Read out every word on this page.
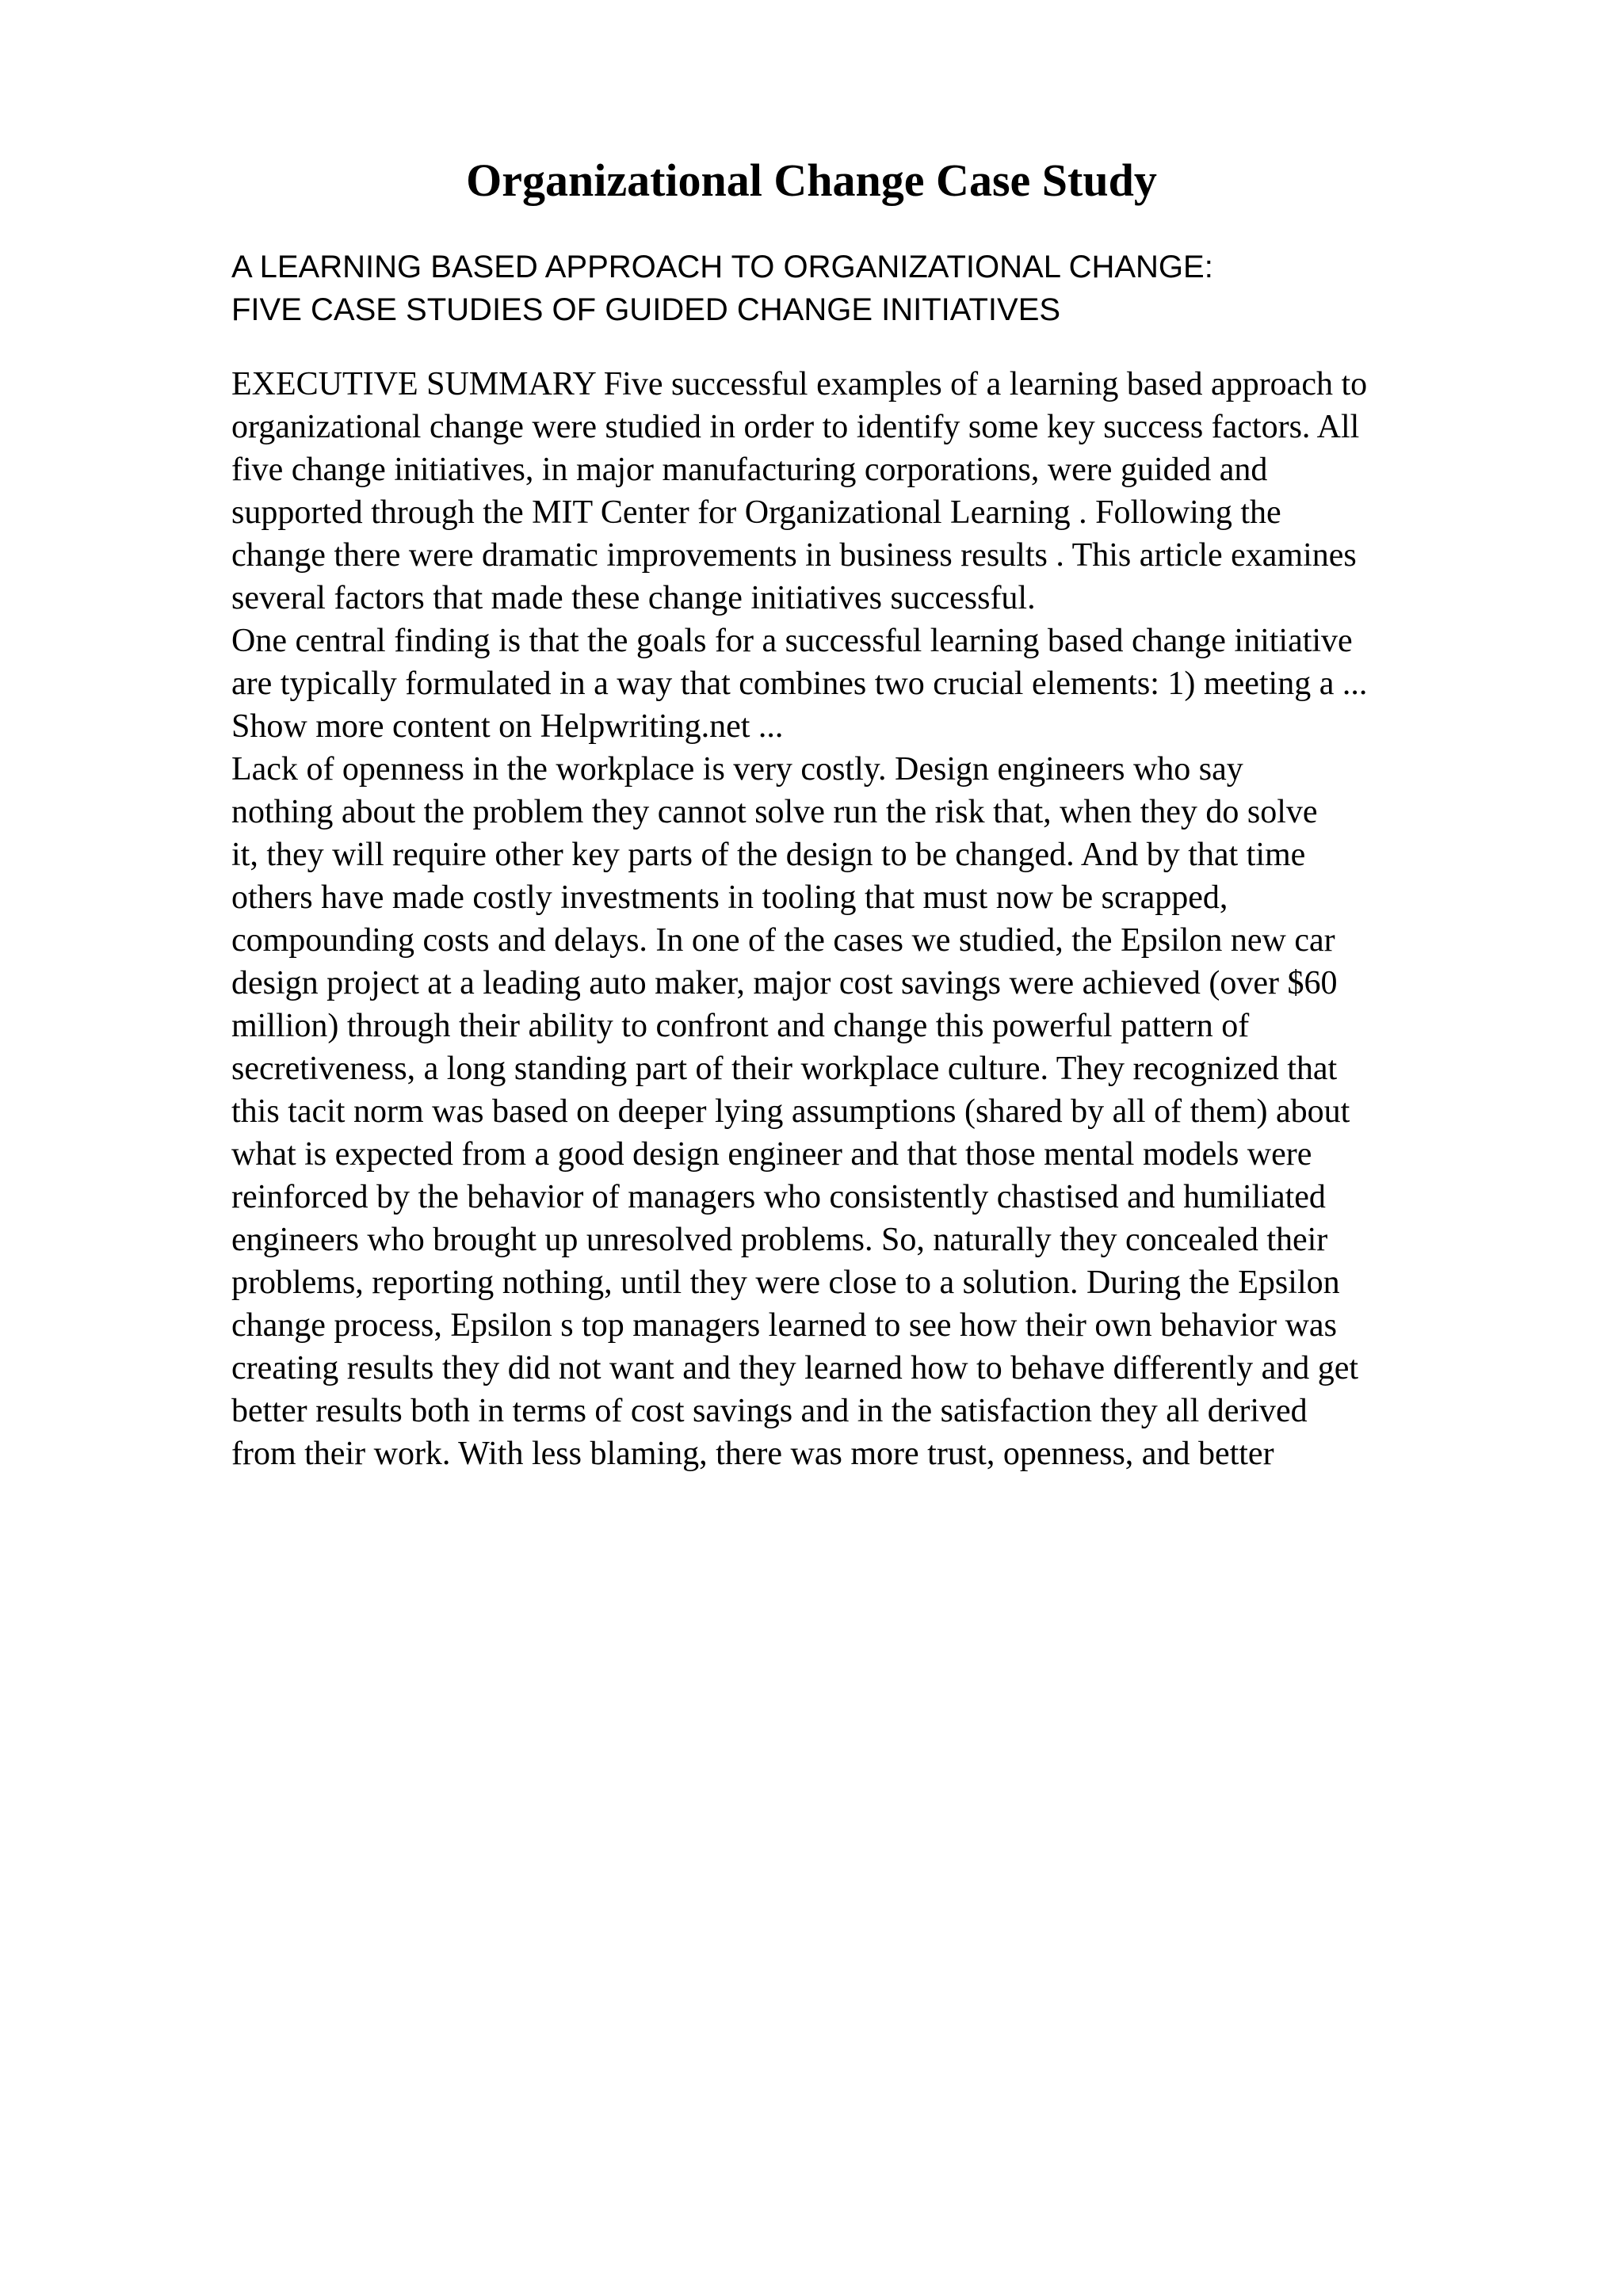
Organizational Change Case Study
A LEARNING BASED APPROACH TO ORGANIZATIONAL CHANGE:
FIVE CASE STUDIES OF GUIDED CHANGE INITIATIVES
EXECUTIVE SUMMARY Five successful examples of a learning based approach to
organizational change were studied in order to identify some key success factors. All
five change initiatives, in major manufacturing corporations, were guided and
supported through the MIT Center for Organizational Learning . Following the
change there were dramatic improvements in business results . This article examines
several factors that made these change initiatives successful.
One central finding is that the goals for a successful learning based change initiative
are typically formulated in a way that combines two crucial elements: 1) meeting a ...
Show more content on Helpwriting.net ...
Lack of openness in the workplace is very costly. Design engineers who say
nothing about the problem they cannot solve run the risk that, when they do solve
it, they will require other key parts of the design to be changed. And by that time
others have made costly investments in tooling that must now be scrapped,
compounding costs and delays. In one of the cases we studied, the Epsilon new car
design project at a leading auto maker, major cost savings were achieved (over $60
million) through their ability to confront and change this powerful pattern of
secretiveness, a long standing part of their workplace culture. They recognized that
this tacit norm was based on deeper lying assumptions (shared by all of them) about
what is expected from a good design engineer and that those mental models were
reinforced by the behavior of managers who consistently chastised and humiliated
engineers who brought up unresolved problems. So, naturally they concealed their
problems, reporting nothing, until they were close to a solution. During the Epsilon
change process, Epsilon s top managers learned to see how their own behavior was
creating results they did not want and they learned how to behave differently and get
better results both in terms of cost savings and in the satisfaction they all derived
from their work. With less blaming, there was more trust, openness, and better
